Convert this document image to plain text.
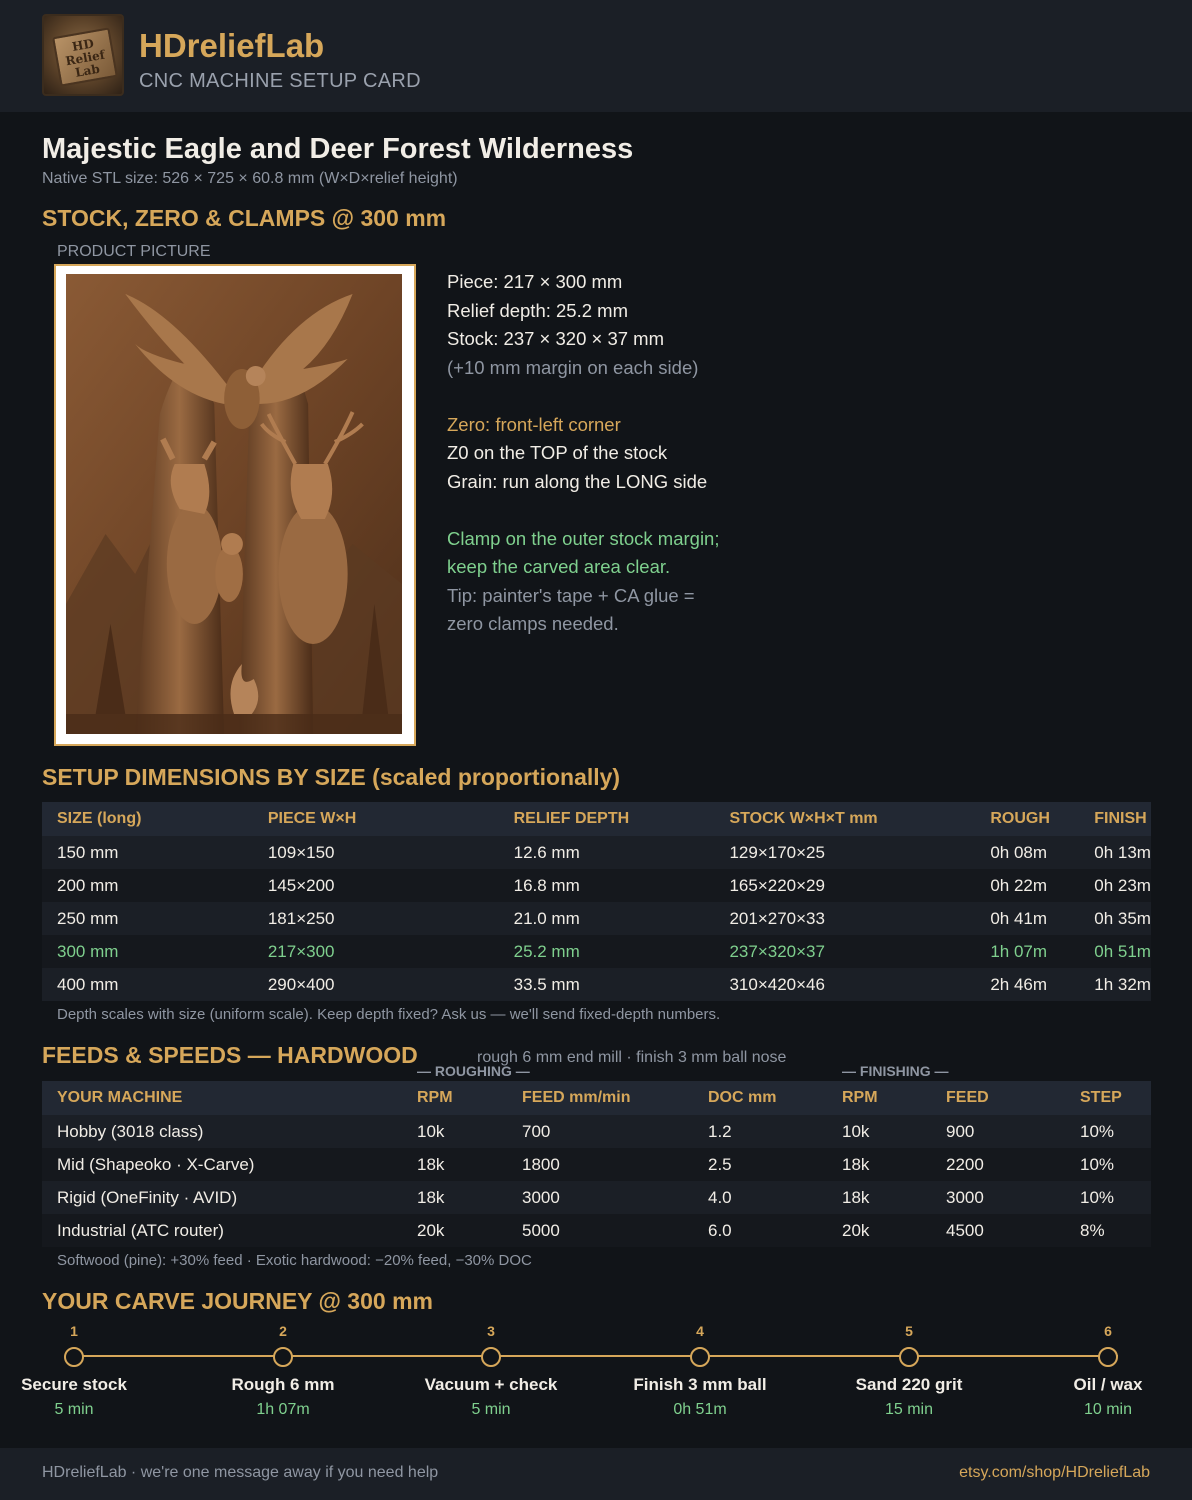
HD Relief Lab
HDreliefLab
CNC MACHINE SETUP CARD
Majestic Eagle and Deer Forest Wilderness
Native STL size: 526 × 725 × 60.8 mm (W×D×relief height)
STOCK, ZERO & CLAMPS @ 300 mm
PRODUCT PICTURE
Piece: 217 × 300 mm
Relief depth: 25.2 mm
Stock: 237 × 320 × 37 mm
(+10 mm margin on each side)
Zero: front-left corner
Z0 on the TOP of the stock
Grain: run along the LONG side
Clamp on the outer stock margin;
keep the carved area clear.
Tip: painter's tape + CA glue =
zero clamps needed.
SETUP DIMENSIONS BY SIZE (scaled proportionally)
SIZE (long)	PIECE W×H	RELIEF DEPTH	STOCK W×H×T mm	ROUGH	FINISH
150 mm	109×150	12.6 mm	129×170×25	0h 08m	0h 13m
200 mm	145×200	16.8 mm	165×220×29	0h 22m	0h 23m
250 mm	181×250	21.0 mm	201×270×33	0h 41m	0h 35m
300 mm	217×300	25.2 mm	237×320×37	1h 07m	0h 51m
400 mm	290×400	33.5 mm	310×420×46	2h 46m	1h 32m
Depth scales with size (uniform scale). Keep depth fixed? Ask us — we'll send fixed-depth numbers.
FEEDS & SPEEDS — HARDWOOD	rough 6 mm end mill · finish 3 mm ball nose
— ROUGHING —	— FINISHING —
YOUR MACHINE	RPM	FEED mm/min	DOC mm	RPM	FEED	STEP
Hobby (3018 class)	10k	700	1.2	10k	900	10%
Mid (Shapeoko · X-Carve)	18k	1800	2.5	18k	2200	10%
Rigid (OneFinity · AVID)	18k	3000	4.0	18k	3000	10%
Industrial (ATC router)	20k	5000	6.0	20k	4500	8%
Softwood (pine): +30% feed · Exotic hardwood: −20% feed, −30% DOC
YOUR CARVE JOURNEY @ 300 mm
1
Secure stock
5 min
2
Rough 6 mm
1h 07m
3
Vacuum + check
5 min
4
Finish 3 mm ball
0h 51m
5
Sand 220 grit
15 min
6
Oil / wax
10 min
HDreliefLab · we're one message away if you need help	etsy.com/shop/HDreliefLab
